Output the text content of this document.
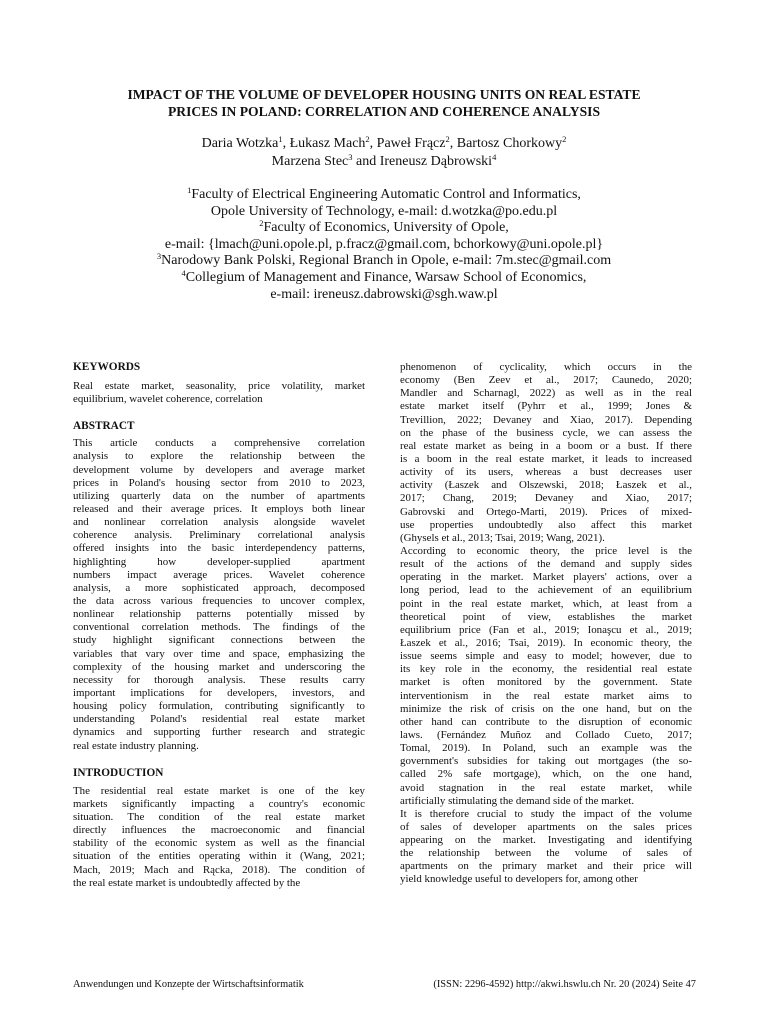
IMPACT OF THE VOLUME OF DEVELOPER HOUSING UNITS ON REAL ESTATE
PRICES IN POLAND: CORRELATION AND COHERENCE ANALYSIS
Daria Wotzka$^1$, Łukasz Mach$^2$, Paweł Frącz$^2$, Bartosz Chorkowy$^2$
Marzena Stec$^3$ and Ireneusz Dąbrowski$^4$
$^1$Faculty of Electrical Engineering Automatic Control and Informatics,
Opole University of Technology, e-mail: d.wotzka@po.edu.pl
$^2$Faculty of Economics, University of Opole,
e-mail: {lmach@uni.opole.pl, p.fracz@gmail.com, bchorkowy@uni.opole.pl}
$^3$Narodowy Bank Polski, Regional Branch in Opole, e-mail: 7m.stec@gmail.com
$^4$Collegium of Management and Finance, Warsaw School of Economics,
e-mail: ireneusz.dabrowski@sgh.waw.pl
KEYWORDS
Real estate market, seasonality, price volatility, market
equilibrium, wavelet coherence, correlation
ABSTRACT
This article conducts a comprehensive correlation
analysis to explore the relationship between the
development volume by developers and average market
prices in Poland's housing sector from 2010 to 2023,
utilizing quarterly data on the number of apartments
released and their average prices. It employs both linear
and nonlinear correlation analysis alongside wavelet
coherence analysis. Preliminary correlational analysis
offered insights into the basic interdependency patterns,
highlighting how developer-supplied apartment
numbers impact average prices. Wavelet coherence
analysis, a more sophisticated approach, decomposed
the data across various frequencies to uncover complex,
nonlinear relationship patterns potentially missed by
conventional correlation methods. The findings of the
study highlight significant connections between the
variables that vary over time and space, emphasizing the
complexity of the housing market and underscoring the
necessity for thorough analysis. These results carry
important implications for developers, investors, and
housing policy formulation, contributing significantly to
understanding Poland's residential real estate market
dynamics and supporting further research and strategic
real estate industry planning.
INTRODUCTION
The residential real estate market is one of the key
markets significantly impacting a country's economic
situation. The condition of the real estate market
directly influences the macroeconomic and financial
stability of the economic system as well as the financial
situation of the entities operating within it (Wang, 2021;
Mach, 2019; Mach and Rącka, 2018). The condition of
the real estate market is undoubtedly affected by the
phenomenon of cyclicality, which occurs in the
economy (Ben Zeev et al., 2017; Caunedo, 2020;
Mandler and Scharnagl, 2022) as well as in the real
estate market itself (Pyhrr et al., 1999; Jones &
Trevillion, 2022; Devaney and Xiao, 2017). Depending
on the phase of the business cycle, we can assess the
real estate market as being in a boom or a bust. If there
is a boom in the real estate market, it leads to increased
activity of its users, whereas a bust decreases user
activity (Łaszek and Olszewski, 2018; Łaszek et al.,
2017; Chang, 2019; Devaney and Xiao, 2017;
Gabrovski and Ortego-Marti, 2019). Prices of mixed-
use properties undoubtedly also affect this market
(Ghysels et al., 2013; Tsai, 2019; Wang, 2021).
According to economic theory, the price level is the
result of the actions of the demand and supply sides
operating in the market. Market players' actions, over a
long period, lead to the achievement of an equilibrium
point in the real estate market, which, at least from a
theoretical point of view, establishes the market
equilibrium price (Fan et al., 2019; Ionaşcu et al., 2019;
Łaszek et al., 2016; Tsai, 2019). In economic theory, the
issue seems simple and easy to model; however, due to
its key role in the economy, the residential real estate
market is often monitored by the government. State
interventionism in the real estate market aims to
minimize the risk of crisis on the one hand, but on the
other hand can contribute to the disruption of economic
laws. (Fernández Muñoz and Collado Cueto, 2017;
Tomal, 2019). In Poland, such an example was the
government's subsidies for taking out mortgages (the so-
called 2% safe mortgage), which, on the one hand,
avoid stagnation in the real estate market, while
artificially stimulating the demand side of the market.
It is therefore crucial to study the impact of the volume
of sales of developer apartments on the sales prices
appearing on the market. Investigating and identifying
the relationship between the volume of sales of
apartments on the primary market and their price will
yield knowledge useful to developers for, among other
Anwendungen und Konzepte der Wirtschaftsinformatik	(ISSN: 2296-4592) http://akwi.hswlu.ch Nr. 20 (2024) Seite 47
